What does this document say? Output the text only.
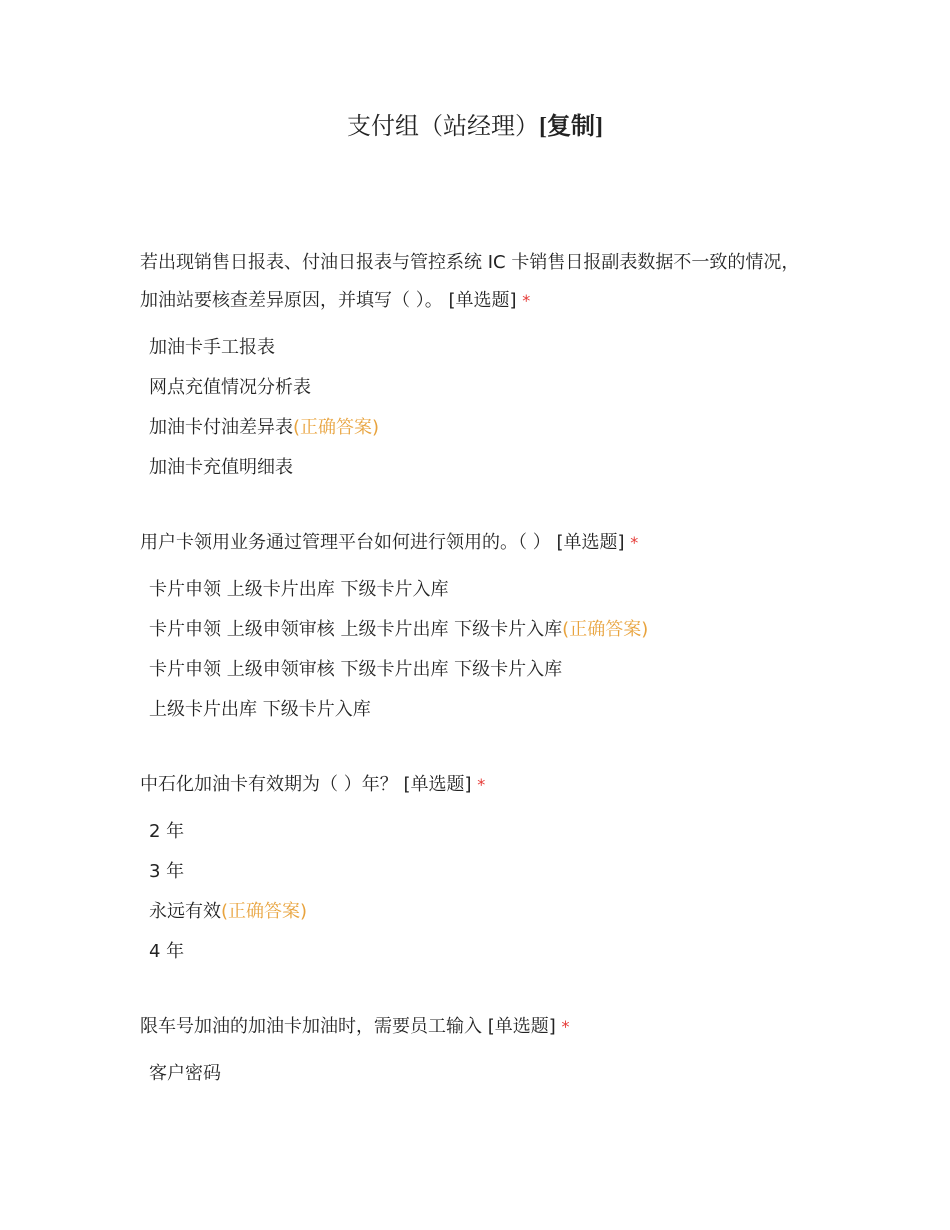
支付组（站经理）[复制]
若出现销售日报表、付油日报表与管控系统 IC 卡销售日报副表数据不一致的情况，加油站要核查差异原因，并填写（ ）。 [单选题] *
加油卡手工报表
网点充值情况分析表
加油卡付油差异表(正确答案)
加油卡充值明细表
用户卡领用业务通过管理平台如何进行领用的。（ ） [单选题] *
卡片申领 上级卡片出库 下级卡片入库
卡片申领 上级申领审核 上级卡片出库 下级卡片入库(正确答案)
卡片申领 上级申领审核 下级卡片出库 下级卡片入库
上级卡片出库 下级卡片入库
中石化加油卡有效期为（ ）年？ [单选题] *
2 年
3 年
永远有效(正确答案)
4 年
限车号加油的加油卡加油时，需要员工输入 [单选题] *
客户密码
